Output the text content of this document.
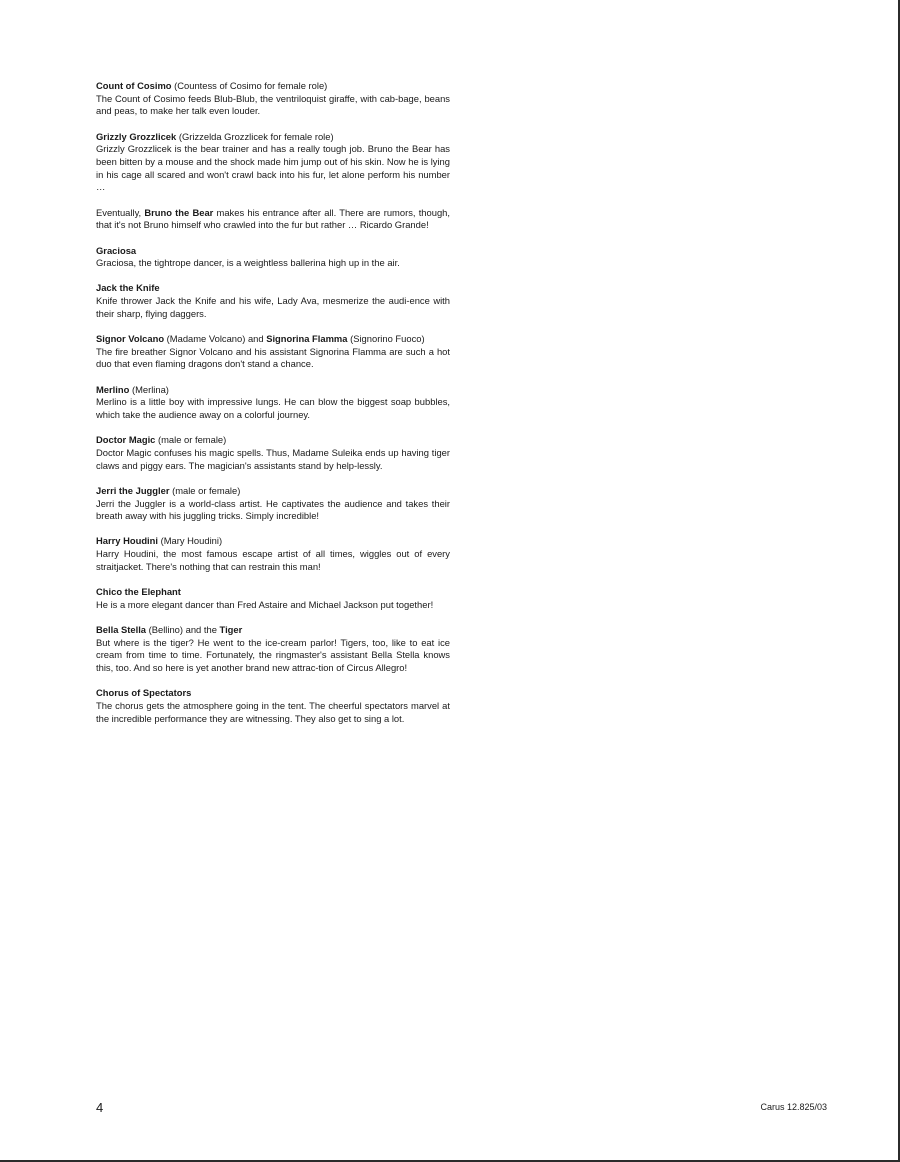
Count of Cosimo (Countess of Cosimo for female role)

The Count of Cosimo feeds Blub-Blub, the ventriloquist giraffe, with cab-bage, beans and peas, to make her talk even louder.

Grizzly Grozzlicek (Grizzelda Grozzlicek for female role)

Grizzly Grozzlicek is the bear trainer and has a really tough job. Bruno the Bear has been bitten by a mouse and the shock made him jump out of his skin. Now he is lying in his cage all scared and won't crawl back into his fur, let alone perform his number …

Eventually, Bruno the Bear makes his entrance after all. There are rumors, though, that it's not Bruno himself who crawled into the fur but rather … Ricardo Grande!

Graciosa

Graciosa, the tightrope dancer, is a weightless ballerina high up in the air.

Jack the Knife

Knife thrower Jack the Knife and his wife, Lady Ava, mesmerize the audi-ence with their sharp, flying daggers.

Signor Volcano (Madame Volcano) and Signorina Flamma (Signorino Fuoco)

The fire breather Signor Volcano and his assistant Signorina Flamma are such a hot duo that even flaming dragons don't stand a chance.

Merlino (Merlina)

Merlino is a little boy with impressive lungs. He can blow the biggest soap bubbles, which take the audience away on a colorful journey.

Doctor Magic (male or female)

Doctor Magic confuses his magic spells. Thus, Madame Suleika ends up having tiger claws and piggy ears. The magician's assistants stand by help-lessly.

Jerri the Juggler (male or female)

Jerri the Juggler is a world-class artist. He captivates the audience and takes their breath away with his juggling tricks. Simply incredible!

Harry Houdini (Mary Houdini)

Harry Houdini, the most famous escape artist of all times, wiggles out of every straitjacket. There's nothing that can restrain this man!

Chico the Elephant

He is a more elegant dancer than Fred Astaire and Michael Jackson put together!

Bella Stella (Bellino) and the Tiger

But where is the tiger? He went to the ice-cream parlor! Tigers, too, like to eat ice cream from time to time. Fortunately, the ringmaster's assistant Bella Stella knows this, too. And so here is yet another brand new attrac-tion of Circus Allegro!

Chorus of Spectators

The chorus gets the atmosphere going in the tent. The cheerful spectators marvel at the incredible performance they are witnessing. They also get to sing a lot.

4	Carus 12.825/03
